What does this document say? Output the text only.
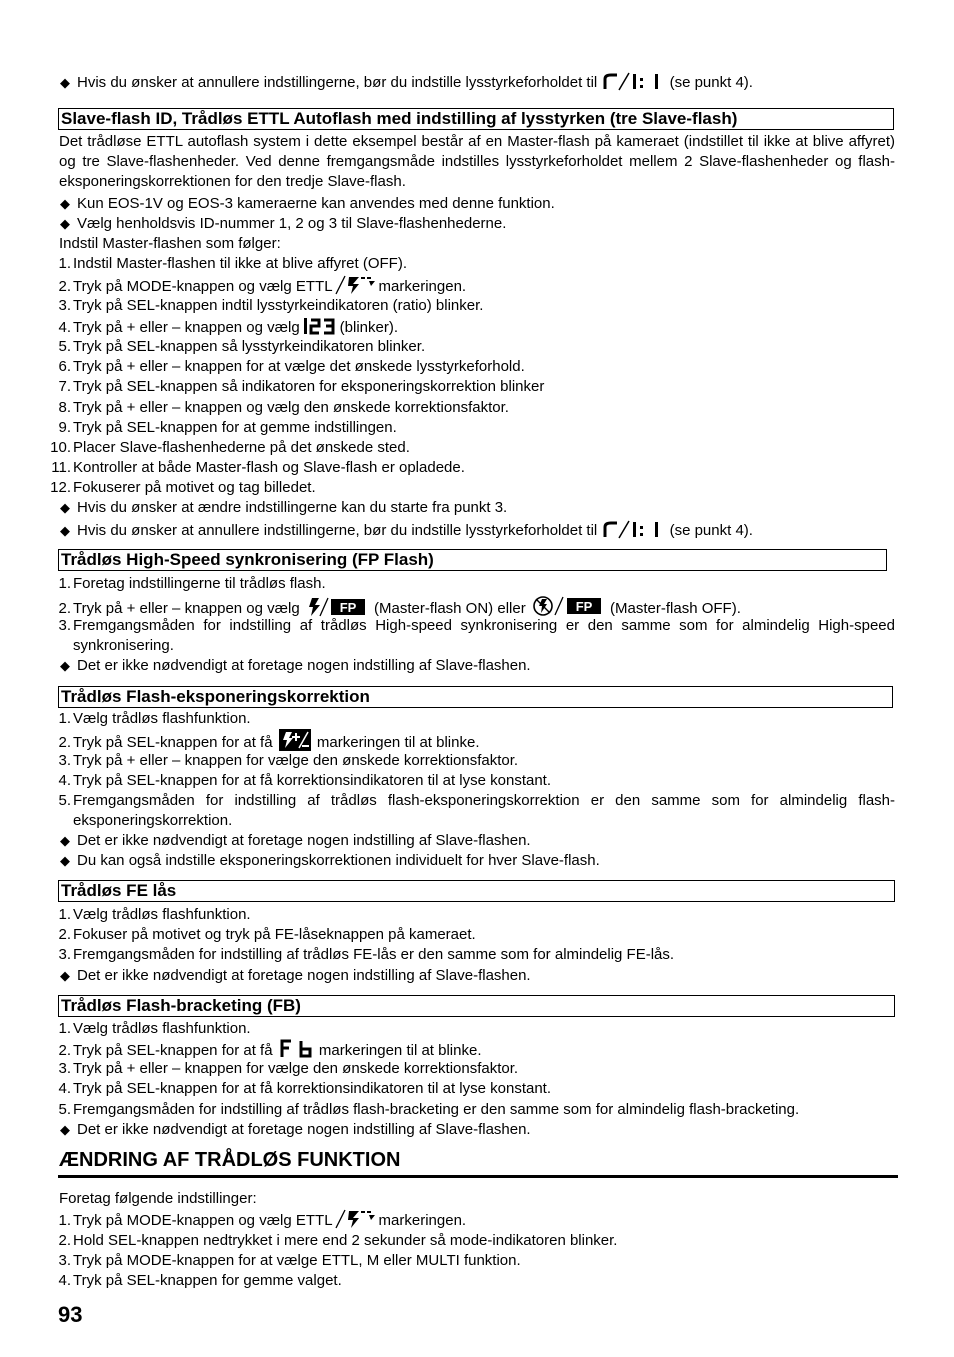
◆ Hvis du ønsker at annullere indstillingerne, bør du indstille lysstyrkeforholdet til	(se punkt 4).
Slave-flash ID, Trådløs ETTL Autoflash med indstilling af lysstyrken (tre Slave-flash)
Det trådløse ETTL autoflash system i dette eksempel består af en Master-flash på kameraet (indstillet til ikke at blive affyret) og tre Slave-flashenheder. Ved denne fremgangsmåde indstilles lysstyrkeforholdet mellem 2 Slave-flashenheder og flash-eksponeringskorrektionen for den tredje Slave-flash.
◆ Kun EOS-1V og EOS-3 kameraerne kan anvendes med denne funktion.
◆ Vælg henholdsvis ID-nummer 1, 2 og 3 til Slave-flashenhederne.
Indstil Master-flashen som følger:
1. Indstil Master-flashen til ikke at blive affyret (OFF).
2. Tryk på MODE-knappen og vælg ETTL	markeringen.
3. Tryk på SEL-knappen indtil lysstyrkeindikatoren (ratio) blinker.
4. Tryk på + eller – knappen og vælg	(blinker).
5. Tryk på SEL-knappen så lysstyrkeindikatoren blinker.
6. Tryk på + eller – knappen for at vælge det ønskede lysstyrkeforhold.
7. Tryk på SEL-knappen så indikatoren for eksponeringskorrektion blinker
8. Tryk på + eller – knappen og vælg den ønskede korrektionsfaktor.
9. Tryk på SEL-knappen for at gemme indstillingen.
10. Placer Slave-flashenhederne på det ønskede sted.
11. Kontroller at både Master-flash og Slave-flash er opladede.
12. Fokuserer på motivet og tag billedet.
◆ Hvis du ønsker at ændre indstillingerne kan du starte fra punkt 3.
◆ Hvis du ønsker at annullere indstillingerne, bør du indstille lysstyrkeforholdet til	(se punkt 4).
Trådløs High-Speed synkronisering (FP Flash)
1. Foretag indstillingerne til trådløs flash.
2. Tryk på + eller – knappen og vælg	FP (Master-flash ON) eller	FP (Master-flash OFF).
3. Fremgangsmåden for indstilling af trådløs High-speed synkronisering er den samme som for almindelig High-speed synkronisering.
◆ Det er ikke nødvendigt at foretage nogen indstilling af Slave-flashen.
Trådløs Flash-eksponeringskorrektion
1. Vælg trådløs flashfunktion.
2. Tryk på SEL-knappen for at få	markeringen til at blinke.
3. Tryk på + eller – knappen for vælge den ønskede korrektionsfaktor.
4. Tryk på SEL-knappen for at få korrektionsindikatoren til at lyse konstant.
5. Fremgangsmåden for indstilling af trådløs flash-eksponeringskorrektion er den samme som for almindelig flash-eksponeringskorrektion.
◆ Det er ikke nødvendigt at foretage nogen indstilling af Slave-flashen.
◆ Du kan også indstille eksponeringskorrektionen individuelt for hver Slave-flash.
Trådløs FE lås
1. Vælg trådløs flashfunktion.
2. Fokuser på motivet og tryk på FE-låseknappen på kameraet.
3. Fremgangsmåden for indstilling af trådløs FE-lås er den samme som for almindelig FE-lås.
◆ Det er ikke nødvendigt at foretage nogen indstilling af Slave-flashen.
Trådløs Flash-bracketing (FB)
1. Vælg trådløs flashfunktion.
2. Tryk på SEL-knappen for at få	markeringen til at blinke.
3. Tryk på + eller – knappen for vælge den ønskede korrektionsfaktor.
4. Tryk på SEL-knappen for at få korrektionsindikatoren til at lyse konstant.
5. Fremgangsmåden for indstilling af trådløs flash-bracketing er den samme som for almindelig flash-bracketing.
◆ Det er ikke nødvendigt at foretage nogen indstilling af Slave-flashen.
ÆNDRING AF TRÅDLØS FUNKTION
Foretag følgende indstillinger:
1. Tryk på MODE-knappen og vælg ETTL	markeringen.
2. Hold SEL-knappen nedtrykket i mere end 2 sekunder så mode-indikatoren blinker.
3. Tryk på MODE-knappen for at vælge ETTL, M eller MULTI funktion.
4. Tryk på SEL-knappen for gemme valget.
93
